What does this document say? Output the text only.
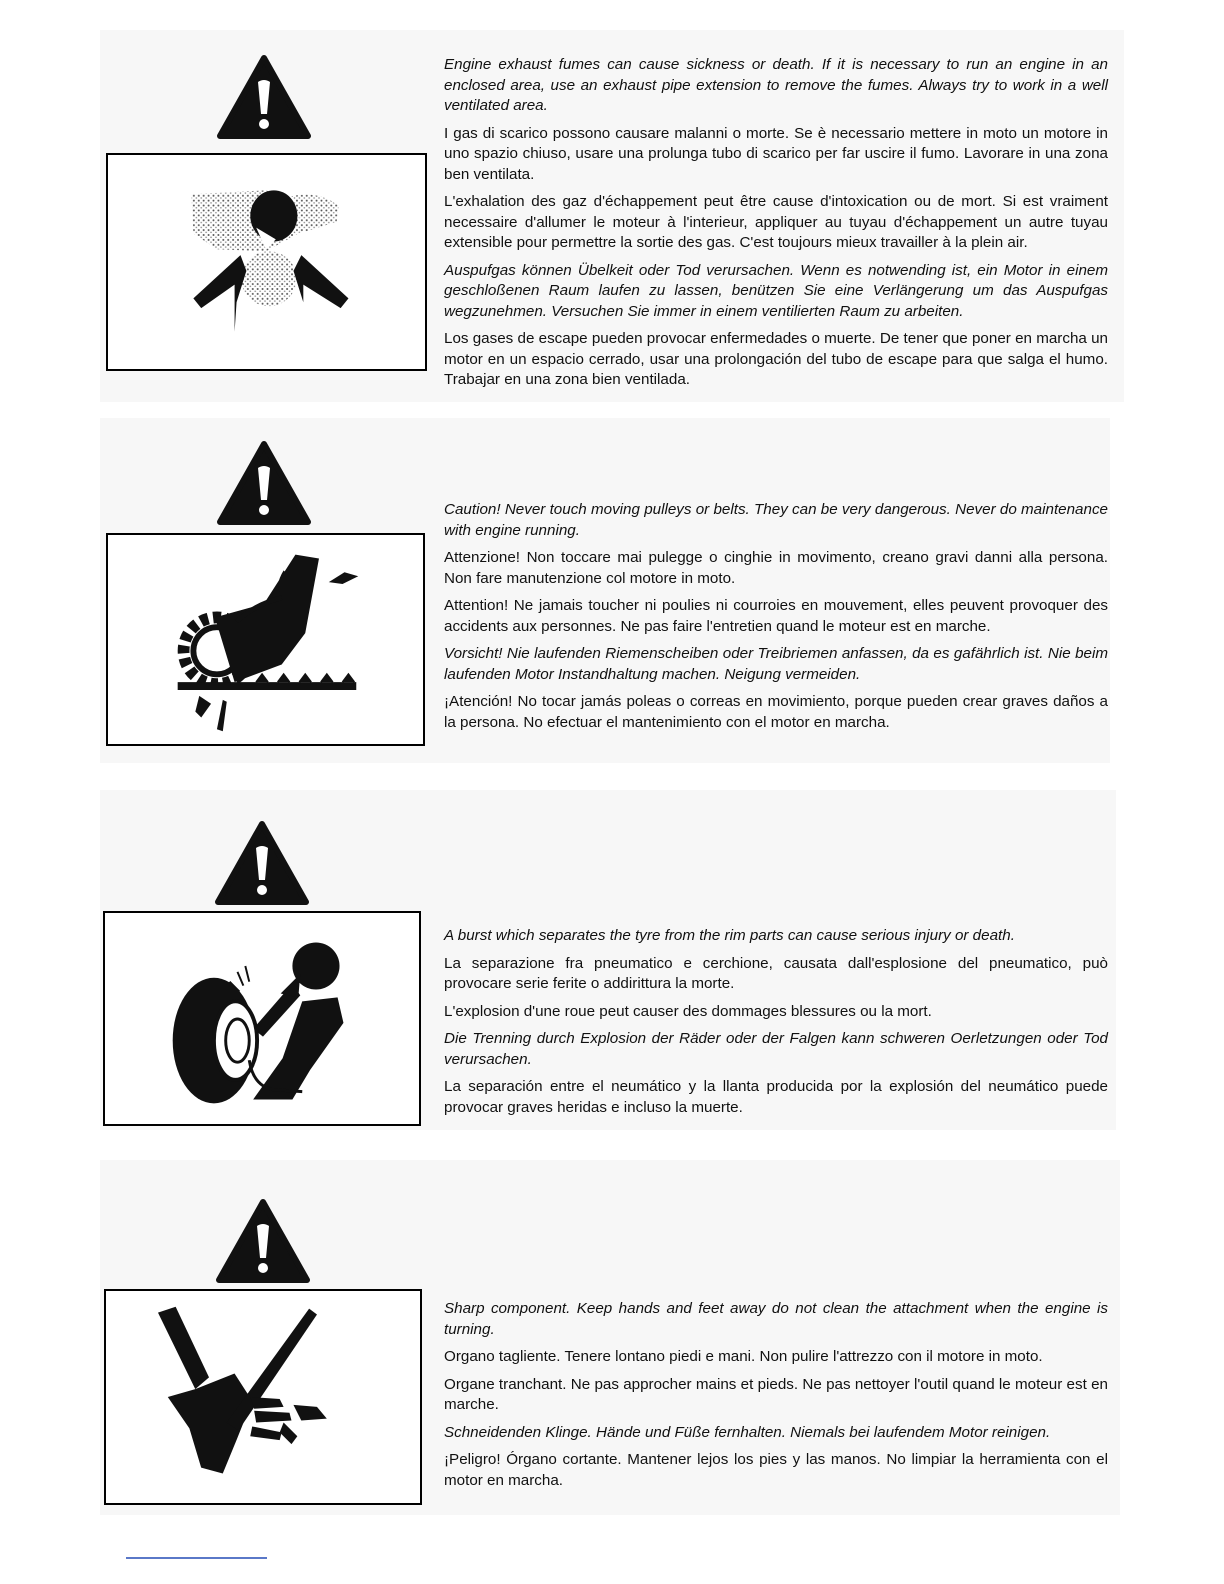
Engine exhaust fumes can cause sickness or death. If it is necessary to run an engine in an enclosed area, use an exhaust pipe extension to remove the fumes. Always try to work in a well ventilated area.

I gas di scarico possono causare malanni o morte. Se è necessario mettere in moto un motore in uno spazio chiuso, usare una prolunga tubo di scarico per far uscire il fumo. Lavorare in una zona ben ventilata.

L'exhalation des gaz d'échappement peut être cause d'intoxication ou de mort. Si est vraiment necessaire d'allumer le moteur à l'interieur, appliquer au tuyau d'échappement un autre tuyau extensible pour permettre la sortie des gas. C'est toujours mieux travailler à la plein air.

Auspufgas können Übelkeit oder Tod verursachen. Wenn es notwending ist, ein Motor in einem geschloßenen Raum laufen zu lassen, benützen Sie eine Verlängerung um das Auspufgas wegzunehmen. Versuchen Sie immer in einem ventilierten Raum zu arbeiten.

Los gases de escape pueden provocar enfermedades o muerte. De tener que poner en marcha un motor en un espacio cerrado, usar una prolongación del tubo de escape para que salga el humo. Trabajar en una zona bien ventilada.

Caution! Never touch moving pulleys or belts. They can be very dangerous. Never do maintenance with engine running.

Attenzione! Non toccare mai pulegge o cinghie in movimento, creano gravi danni alla persona. Non fare manutenzione col motore in moto.

Attention! Ne jamais toucher ni poulies ni courroies en mouvement, elles peuvent provoquer des accidents aux personnes. Ne pas faire l'entretien quand le moteur est en marche.

Vorsicht! Nie laufenden Riemenscheiben oder Treibriemen anfassen, da es gafährlich ist. Nie beim laufenden Motor Instandhaltung machen. Neigung vermeiden.

¡Atención! No tocar jamás poleas o correas en movimiento, porque pueden crear graves daños a la persona. No efectuar el mantenimiento con el motor en marcha.

A burst which separates the tyre from the rim parts can cause serious injury or death.

La separazione fra pneumatico e cerchione, causata dall'esplosione del pneumatico, può provocare serie ferite o addirittura la morte.

L'explosion d'une roue peut causer des dommages blessures ou la mort.

Die Trenning durch Explosion der Räder oder der Falgen kann schweren Oerletzungen oder Tod verursachen.

La separación entre el neumático y la llanta producida por la explosión del neumático puede provocar graves heridas e incluso la muerte.

Sharp component. Keep hands and feet away do not clean the attachment when the engine is turning.

Organo tagliente. Tenere lontano piedi e mani. Non pulire l'attrezzo con il motore in moto.

Organe tranchant. Ne pas approcher mains et pieds. Ne pas nettoyer l'outil quand le moteur est en marche.

Schneidenden Klinge. Hände und Füße fernhalten. Niemals bei laufendem Motor reinigen.

¡Peligro! Órgano cortante. Mantener lejos los pies y las manos. No limpiar la herramienta con el motor en marcha.
